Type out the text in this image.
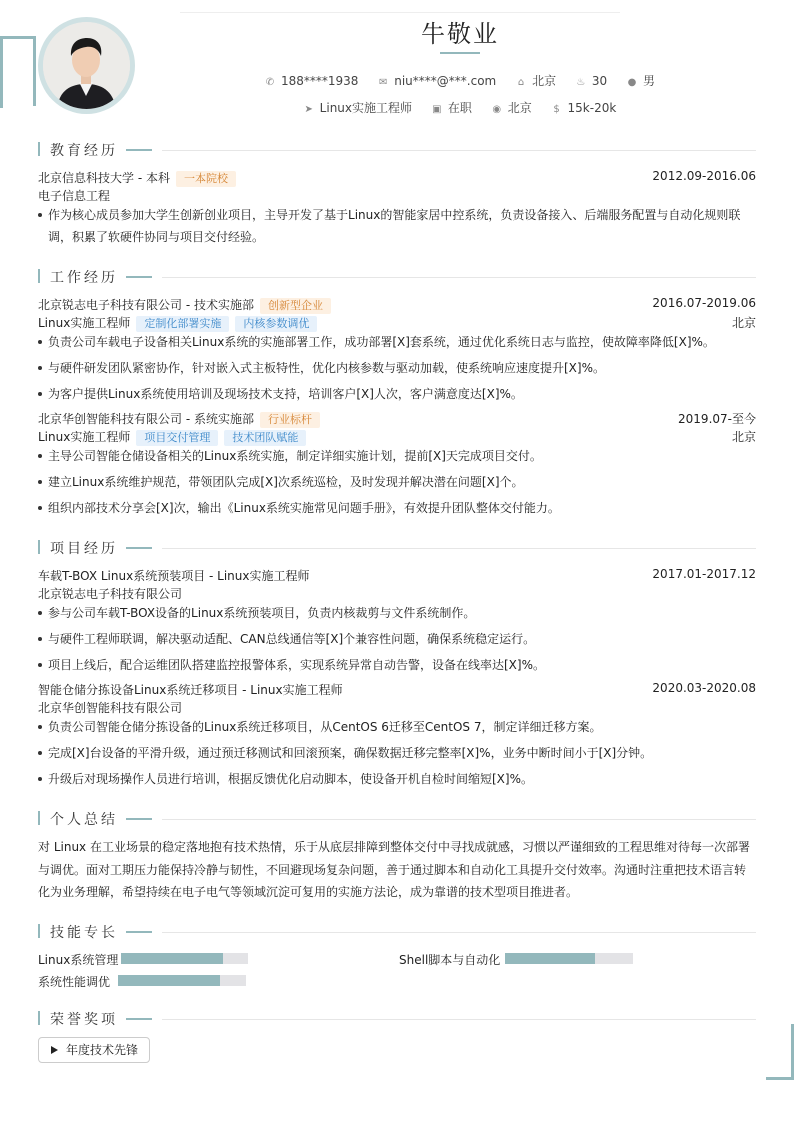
牛敬业
✆ 188****1938 ✉ niu****@***.com ⌂ 北京 ♨ 30 ● 男
➤ Linux实施工程师 ▣ 在职 ◉ 北京 $ 15k-20k
教育经历
北京信息科技大学 - 本科 一本院校	2012.09-2016.06
电子信息工程
作为核心成员参加大学生创新创业项目，主导开发了基于Linux的智能家居中控系统，负责设备接入、后端服务配置与自动化规则联调，积累了软硬件协同与项目交付经验。
工作经历
北京锐志电子科技有限公司 - 技术实施部 创新型企业	2016.07-2019.06
Linux实施工程师 定制化部署实施 内核参数调优	北京
负责公司车载电子设备相关Linux系统的实施部署工作，成功部署[X]套系统，通过优化系统日志与监控，使故障率降低[X]%。
与硬件研发团队紧密协作，针对嵌入式主板特性，优化内核参数与驱动加载，使系统响应速度提升[X]%。
为客户提供Linux系统使用培训及现场技术支持，培训客户[X]人次，客户满意度达[X]%。
北京华创智能科技有限公司 - 系统实施部 行业标杆	2019.07-至今
Linux实施工程师 项目交付管理 技术团队赋能	北京
主导公司智能仓储设备相关的Linux系统实施，制定详细实施计划，提前[X]天完成项目交付。
建立Linux系统维护规范，带领团队完成[X]次系统巡检，及时发现并解决潜在问题[X]个。
组织内部技术分享会[X]次，输出《Linux系统实施常见问题手册》，有效提升团队整体交付能力。
项目经历
车载T-BOX Linux系统预装项目 - Linux实施工程师	2017.01-2017.12
北京锐志电子科技有限公司
参与公司车载T-BOX设备的Linux系统预装项目，负责内核裁剪与文件系统制作。
与硬件工程师联调，解决驱动适配、CAN总线通信等[X]个兼容性问题，确保系统稳定运行。
项目上线后，配合运维团队搭建监控报警体系，实现系统异常自动告警，设备在线率达[X]%。
智能仓储分拣设备Linux系统迁移项目 - Linux实施工程师	2020.03-2020.08
北京华创智能科技有限公司
负责公司智能仓储分拣设备的Linux系统迁移项目，从CentOS 6迁移至CentOS 7，制定详细迁移方案。
完成[X]台设备的平滑升级，通过预迁移测试和回滚预案，确保数据迁移完整率[X]%，业务中断时间小于[X]分钟。
升级后对现场操作人员进行培训，根据反馈优化启动脚本，使设备开机自检时间缩短[X]%。
个人总结
对 Linux 在工业场景的稳定落地抱有技术热情，乐于从底层排障到整体交付中寻找成就感，习惯以严谨细致的工程思维对待每一次部署与调优。面对工期压力能保持冷静与韧性，不回避现场复杂问题，善于通过脚本和自动化工具提升交付效率。沟通时注重把技术语言转化为业务理解，希望持续在电子电气等领域沉淀可复用的实施方法论，成为靠谱的技术型项目推进者。
技能专长
Linux系统管理	Shell脚本与自动化
系统性能调优
荣誉奖项
年度技术先锋
